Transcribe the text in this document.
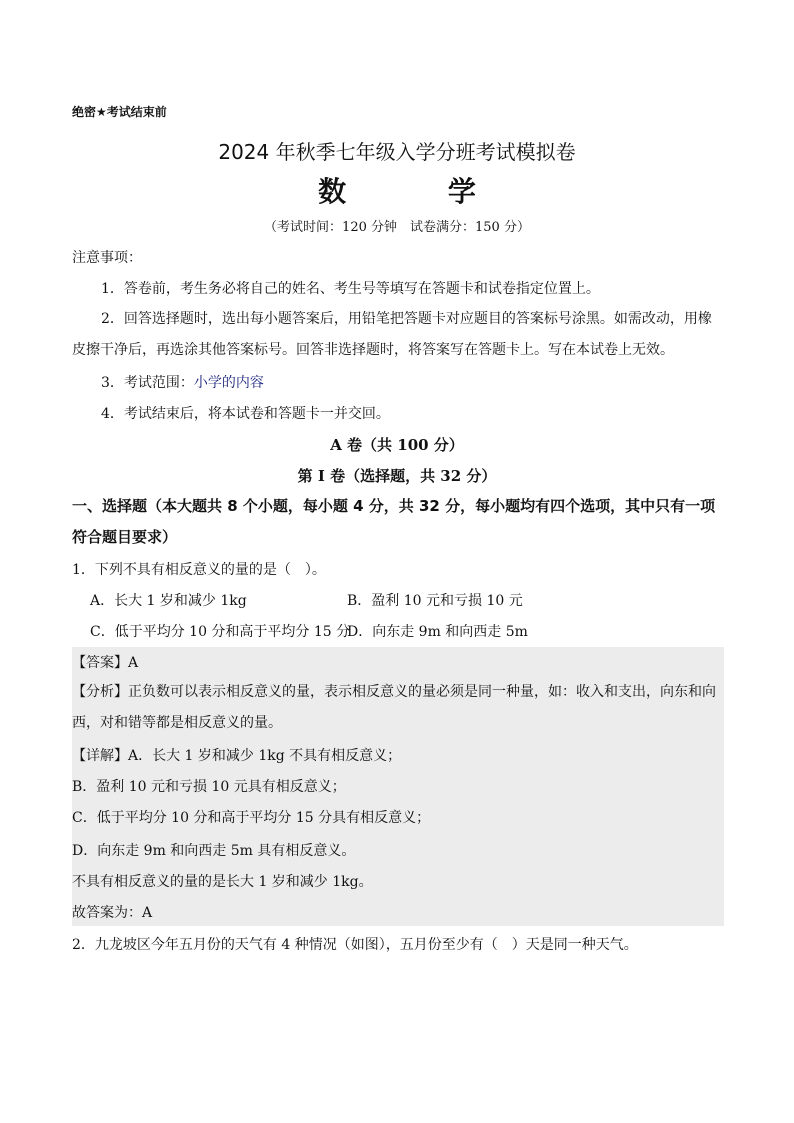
绝密★考试结束前
2024 年秋季七年级入学分班考试模拟卷
数 学
（考试时间：120 分钟　试卷满分：150 分）
注意事项：
1．答卷前，考生务必将自己的姓名、考生号等填写在答题卡和试卷指定位置上。
2．回答选择题时，选出每小题答案后，用铅笔把答题卡对应题目的答案标号涂黑。如需改动，用橡皮擦干净后，再选涂其他答案标号。回答非选择题时，将答案写在答题卡上。写在本试卷上无效。
3．考试范围：小学的内容
4．考试结束后，将本试卷和答题卡一并交回。
A 卷（共 100 分）
第 I 卷（选择题，共 32 分）
一、选择题（本大题共 8 个小题，每小题 4 分，共 32 分，每小题均有四个选项，其中只有一项符合题目要求）
1．下列不具有相反意义的量的是（　）。
A．长大 1 岁和减少 1kg	B．盈利 10 元和亏损 10 元
C．低于平均分 10 分和高于平均分 15 分
D．向东走 9m 和向西走 5m
【答案】A
【分析】正负数可以表示相反意义的量，表示相反意义的量必须是同一种量，如：收入和支出，向东和向西，对和错等都是相反意义的量。
【详解】A．长大 1 岁和减少 1kg 不具有相反意义；
B．盈利 10 元和亏损 10 元具有相反意义；
C．低于平均分 10 分和高于平均分 15 分具有相反意义；
D．向东走 9m 和向西走 5m 具有相反意义。
不具有相反意义的量的是长大 1 岁和减少 1kg。
故答案为：A
2．九龙坡区今年五月份的天气有 4 种情况（如图），五月份至少有（　）天是同一种天气。
